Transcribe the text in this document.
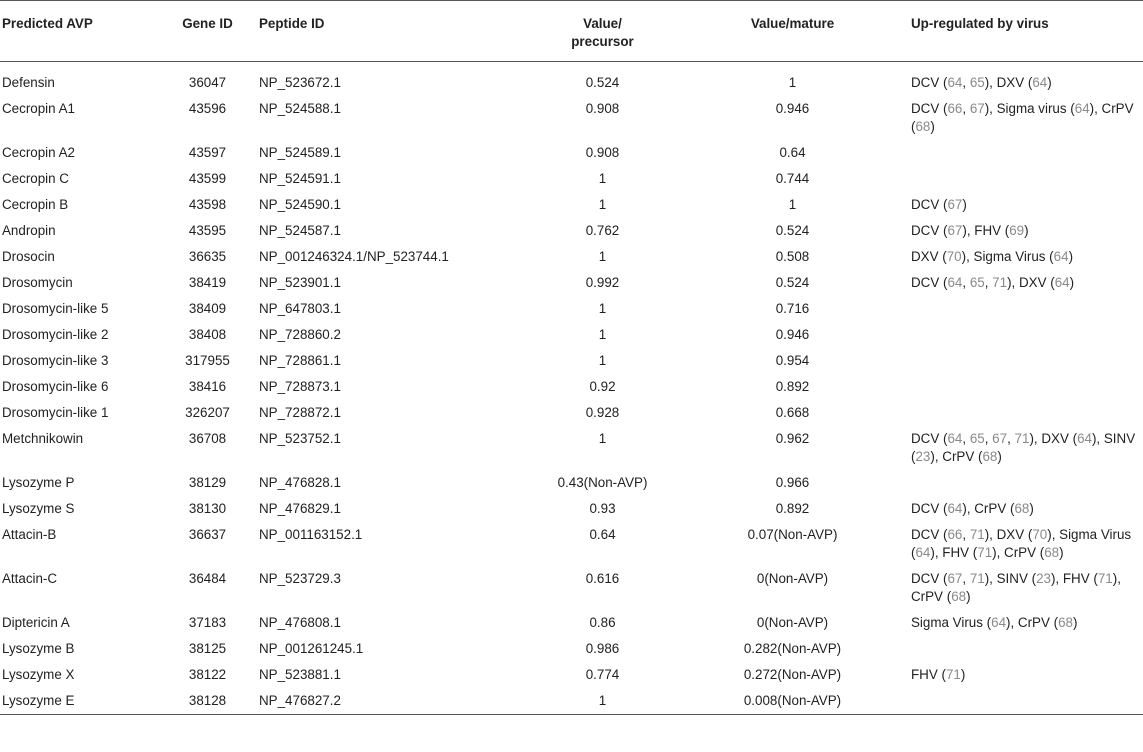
Predicted AVP	Gene ID	Peptide ID	Value/
precursor	Value/mature	Up-regulated by virus
Defensin	36047	NP_523672.1	0.524	1	DCV (64, 65), DXV (64)
Cecropin A1	43596	NP_524588.1	0.908	0.946	DCV (66, 67), Sigma virus (64), CrPV (68)
Cecropin A2	43597	NP_524589.1	0.908	0.64	
Cecropin C	43599	NP_524591.1	1	0.744	
Cecropin B	43598	NP_524590.1	1	1	DCV (67)
Andropin	43595	NP_524587.1	0.762	0.524	DCV (67), FHV (69)
Drosocin	36635	NP_001246324.1/NP_523744.1	1	0.508	DXV (70), Sigma Virus (64)
Drosomycin	38419	NP_523901.1	0.992	0.524	DCV (64, 65, 71), DXV (64)
Drosomycin-like 5	38409	NP_647803.1	1	0.716	
Drosomycin-like 2	38408	NP_728860.2	1	0.946	
Drosomycin-like 3	317955	NP_728861.1	1	0.954	
Drosomycin-like 6	38416	NP_728873.1	0.92	0.892	
Drosomycin-like 1	326207	NP_728872.1	0.928	0.668	
Metchnikowin	36708	NP_523752.1	1	0.962	DCV (64, 65, 67, 71), DXV (64), SINV (23), CrPV (68)
Lysozyme P	38129	NP_476828.1	0.43(Non-AVP)	0.966	
Lysozyme S	38130	NP_476829.1	0.93	0.892	DCV (64), CrPV (68)
Attacin-B	36637	NP_001163152.1	0.64	0.07(Non-AVP)	DCV (66, 71), DXV (70), Sigma Virus (64), FHV (71), CrPV (68)
Attacin-C	36484	NP_523729.3	0.616	0(Non-AVP)	DCV (67, 71), SINV (23), FHV (71), CrPV (68)
Diptericin A	37183	NP_476808.1	0.86	0(Non-AVP)	Sigma Virus (64), CrPV (68)
Lysozyme B	38125	NP_001261245.1	0.986	0.282(Non-AVP)	
Lysozyme X	38122	NP_523881.1	0.774	0.272(Non-AVP)	FHV (71)
Lysozyme E	38128	NP_476827.2	1	0.008(Non-AVP)	
